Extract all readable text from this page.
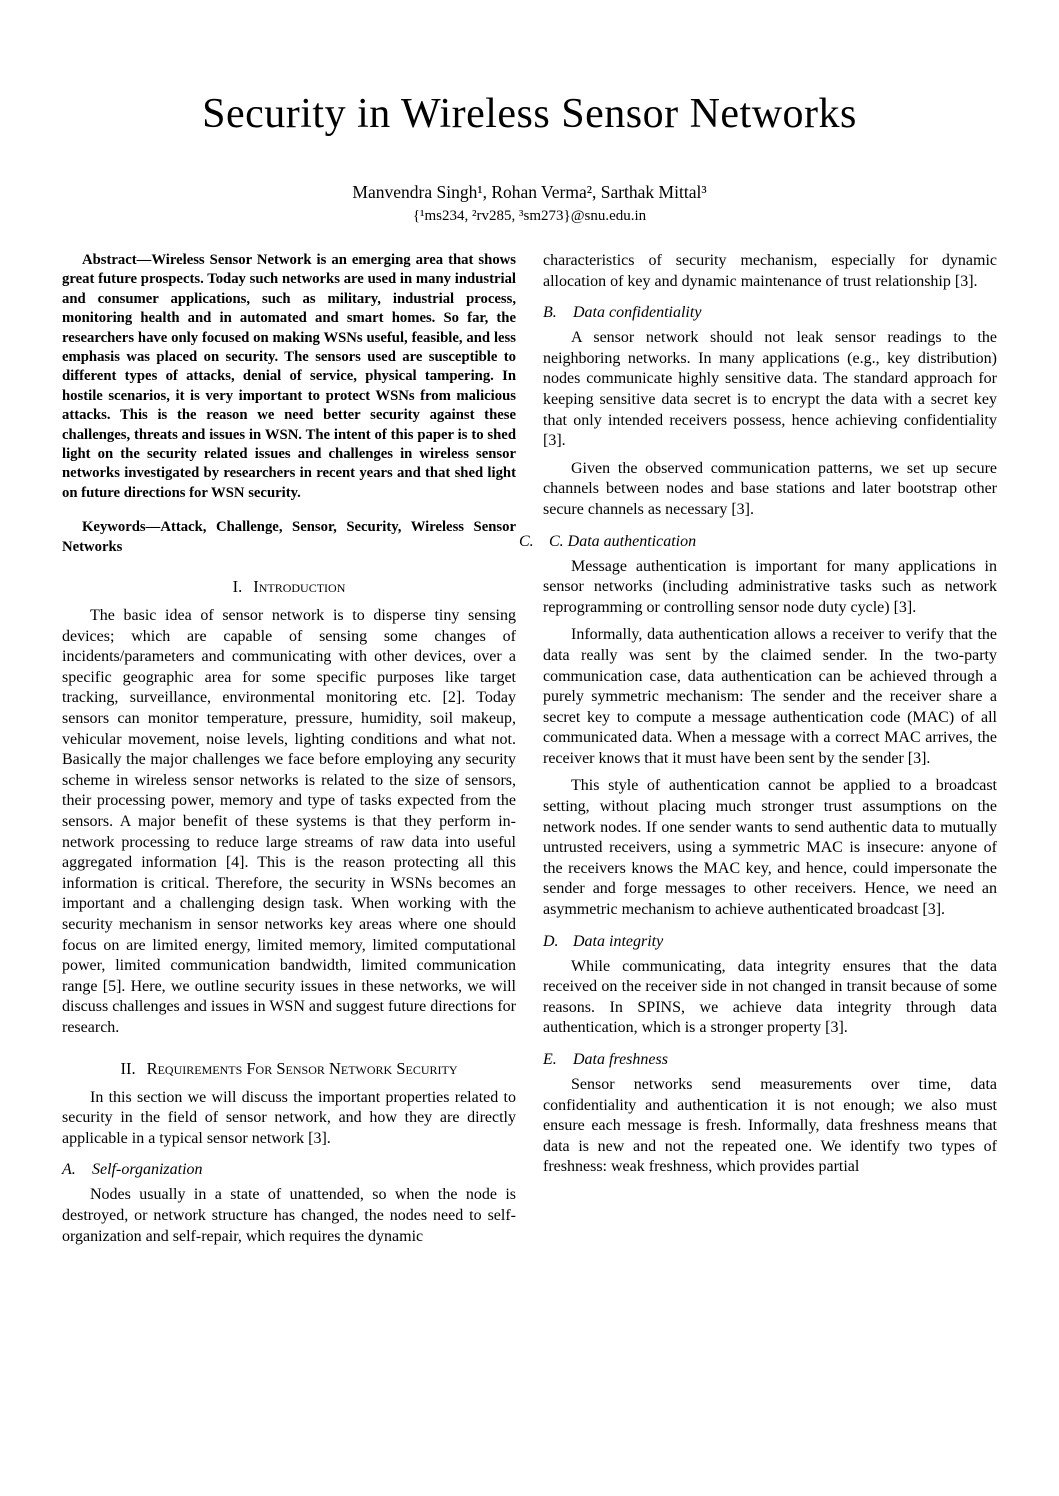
Security in Wireless Sensor Networks
Manvendra Singh¹, Rohan Verma², Sarthak Mittal³
{¹ms234, ²rv285, ³sm273}@snu.edu.in

Abstract—Wireless Sensor Network is an emerging area that shows great future prospects. Today such networks are used in many industrial and consumer applications, such as military, industrial process, monitoring health and in automated and smart homes. So far, the researchers have only focused on making WSNs useful, feasible, and less emphasis was placed on security. The sensors used are susceptible to different types of attacks, denial of service, physical tampering. In hostile scenarios, it is very important to protect WSNs from malicious attacks. This is the reason we need better security against these challenges, threats and issues in WSN. The intent of this paper is to shed light on the security related issues and challenges in wireless sensor networks investigated by researchers in recent years and that shed light on future directions for WSN security.

Keywords—Attack, Challenge, Sensor, Security, Wireless Sensor Networks

I. Introduction

The basic idea of sensor network is to disperse tiny sensing devices; which are capable of sensing some changes of incidents/parameters and communicating with other devices, over a specific geographic area for some specific purposes like target tracking, surveillance, environmental monitoring etc. [2]. Today sensors can monitor temperature, pressure, humidity, soil makeup, vehicular movement, noise levels, lighting conditions and what not. Basically the major challenges we face before employing any security scheme in wireless sensor networks is related to the size of sensors, their processing power, memory and type of tasks expected from the sensors. A major benefit of these systems is that they perform in-network processing to reduce large streams of raw data into useful aggregated information [4]. This is the reason protecting all this information is critical. Therefore, the security in WSNs becomes an important and a challenging design task. When working with the security mechanism in sensor networks key areas where one should focus on are limited energy, limited memory, limited computational power, limited communication bandwidth, limited communication range [5]. Here, we outline security issues in these networks, we will discuss challenges and issues in WSN and suggest future directions for research.

II. Requirements For Sensor Network Security

In this section we will discuss the important properties related to security in the field of sensor network, and how they are directly applicable in a typical sensor network [3].

A.	Self-organization

Nodes usually in a state of unattended, so when the node is destroyed, or network structure has changed, the nodes need to self-organization and self-repair, which requires the dynamic

characteristics of security mechanism, especially for dynamic allocation of key and dynamic maintenance of trust relationship [3].

B.	Data confidentiality

A sensor network should not leak sensor readings to the neighboring networks. In many applications (e.g., key distribution) nodes communicate highly sensitive data. The standard approach for keeping sensitive data secret is to encrypt the data with a secret key that only intended receivers possess, hence achieving confidentiality [3].

Given the observed communication patterns, we set up secure channels between nodes and base stations and later bootstrap other secure channels as necessary [3].

C. C. Data authentication

Message authentication is important for many applications in sensor networks (including administrative tasks such as network reprogramming or controlling sensor node duty cycle) [3].

Informally, data authentication allows a receiver to verify that the data really was sent by the claimed sender. In the two-party communication case, data authentication can be achieved through a purely symmetric mechanism: The sender and the receiver share a secret key to compute a message authentication code (MAC) of all communicated data. When a message with a correct MAC arrives, the receiver knows that it must have been sent by the sender [3].

This style of authentication cannot be applied to a broadcast setting, without placing much stronger trust assumptions on the network nodes. If one sender wants to send authentic data to mutually untrusted receivers, using a symmetric MAC is insecure: anyone of the receivers knows the MAC key, and hence, could impersonate the sender and forge messages to other receivers. Hence, we need an asymmetric mechanism to achieve authenticated broadcast [3].

D. Data integrity

While communicating, data integrity ensures that the data received on the receiver side in not changed in transit because of some reasons. In SPINS, we achieve data integrity through data authentication, which is a stronger property [3].

E.	Data freshness

Sensor networks send measurements over time, data confidentiality and authentication it is not enough; we also must ensure each message is fresh. Informally, data freshness means that data is new and not the repeated one. We identify two types of freshness: weak freshness, which provides partial
